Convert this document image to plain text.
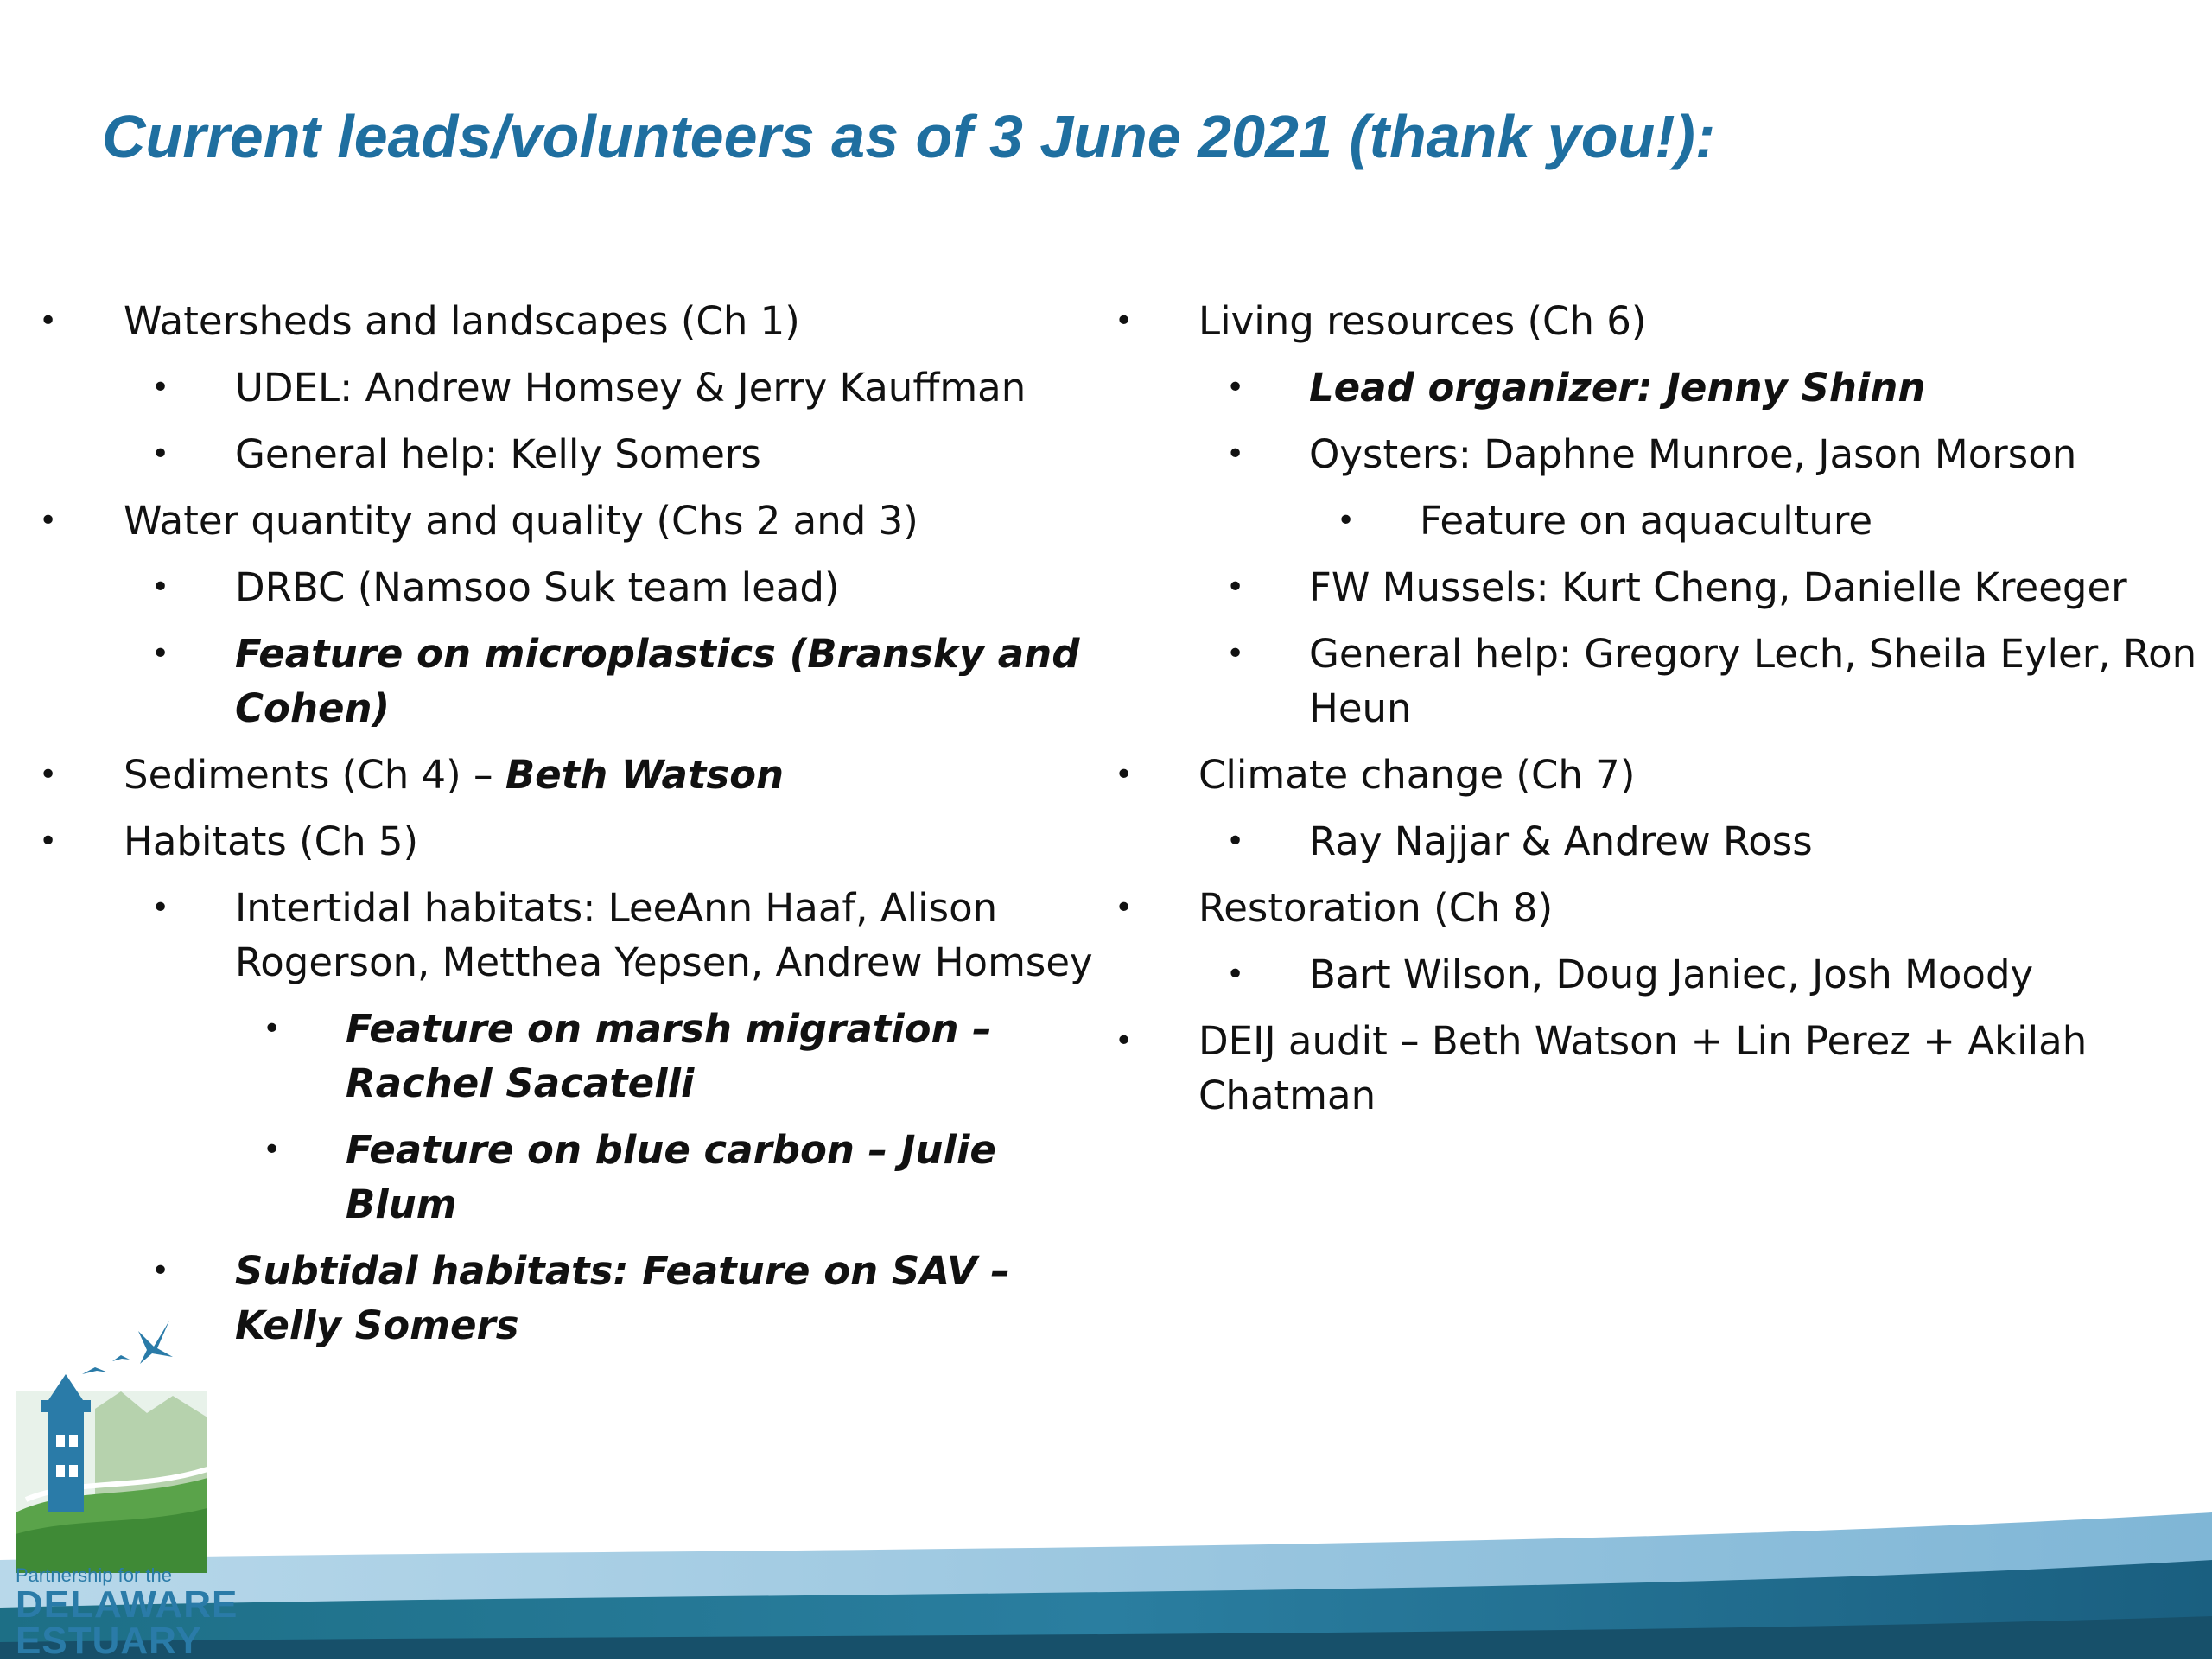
Current leads/volunteers as of 3 June 2021 (thank you!):
• Watersheds and landscapes (Ch 1)
• UDEL: Andrew Homsey & Jerry Kauffman
• General help: Kelly Somers
• Water quantity and quality (Chs 2 and 3)
• DRBC (Namsoo Suk team lead)
• Feature on microplastics (Bransky and Cohen)
• Sediments (Ch 4) – Beth Watson
• Habitats (Ch 5)
• Intertidal habitats: LeeAnn Haaf, Alison Rogerson, Metthea Yepsen, Andrew Homsey
• Feature on marsh migration – Rachel Sacatelli
• Feature on blue carbon – Julie Blum
• Subtidal habitats: Feature on SAV – Kelly Somers
• Living resources (Ch 6)
• Lead organizer: Jenny Shinn
• Oysters: Daphne Munroe, Jason Morson
• Feature on aquaculture
• FW Mussels: Kurt Cheng, Danielle Kreeger
• General help: Gregory Lech, Sheila Eyler, Ron Heun
• Climate change (Ch 7)
• Ray Najjar & Andrew Ross
• Restoration (Ch 8)
• Bart Wilson, Doug Janiec, Josh Moody
• DEIJ audit – Beth Watson + Lin Perez + Akilah Chatman
Partnership for the
DELAWARE
ESTUARY
